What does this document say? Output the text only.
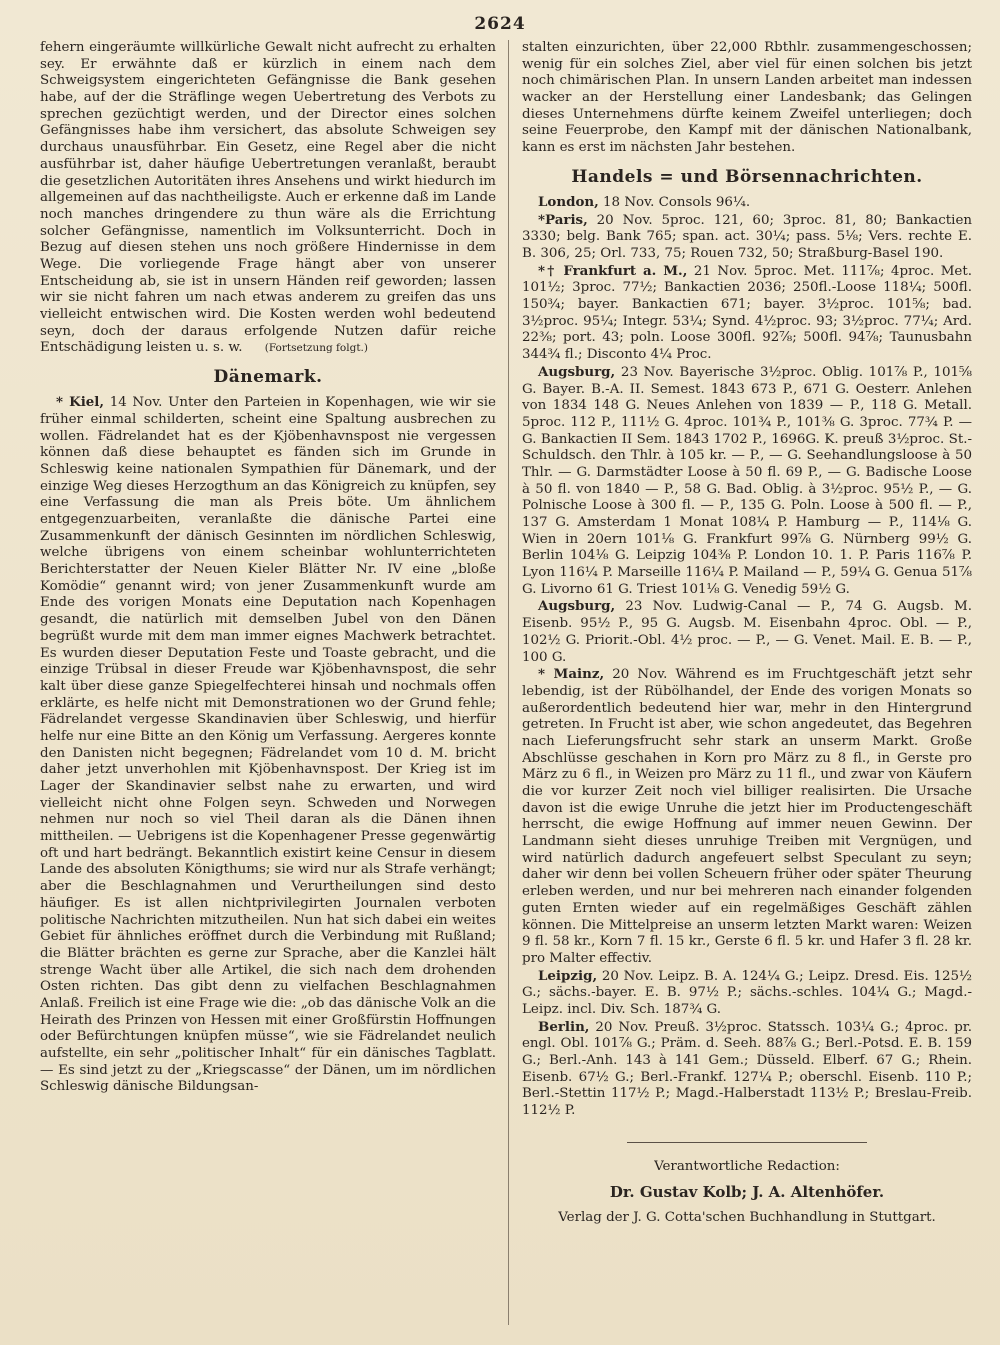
2624

fehern eingeräumte willkürliche Gewalt nicht aufrecht zu erhalten sey. Er erwähnte daß er kürzlich in einem nach dem Schweigsystem eingerichteten Gefängnisse die Bank gesehen habe, auf der die Sträflinge wegen Uebertretung des Verbots zu sprechen gezüchtigt werden, und der Director eines solchen Gefängnisses habe ihm versichert, das absolute Schweigen sey durchaus unausführbar. Ein Gesetz, eine Regel aber die nicht ausführbar ist, daher häufige Uebertretungen veranlaßt, beraubt die gesetzlichen Autoritäten ihres Ansehens und wirkt hiedurch im allgemeinen auf das nachtheiligste. Auch er erkenne daß im Lande noch manches dringendere zu thun wäre als die Errichtung solcher Gefängnisse, namentlich im Volksunterricht. Doch in Bezug auf diesen stehen uns noch größere Hindernisse in dem Wege. Die vorliegende Frage hängt aber von unserer Entscheidung ab, sie ist in unsern Händen reif geworden; lassen wir sie nicht fahren um nach etwas anderem zu greifen das uns vielleicht entwischen wird. Die Kosten werden wohl bedeutend seyn, doch der daraus erfolgende Nutzen dafür reiche Entschädigung leisten u. s. w. (Fortsetzung folgt.)

Dänemark.

* Kiel, 14 Nov. Unter den Parteien in Kopenhagen, wie wir sie früher einmal schilderten, scheint eine Spaltung ausbrechen zu wollen. Fädrelandet hat es der Kjöbenhavnspost nie vergessen können daß diese behauptet es fänden sich im Grunde in Schleswig keine nationalen Sympathien für Dänemark, und der einzige Weg dieses Herzogthum an das Königreich zu knüpfen, sey eine Verfassung die man als Preis böte. Um ähnlichem entgegenzuarbeiten, veranlaßte die dänische Partei eine Zusammenkunft der dänisch Gesinnten im nördlichen Schleswig, welche übrigens von einem scheinbar wohlunterrichteten Berichterstatter der Neuen Kieler Blätter Nr. IV eine „bloße Komödie“ genannt wird; von jener Zusammenkunft wurde am Ende des vorigen Monats eine Deputation nach Kopenhagen gesandt, die natürlich mit demselben Jubel von den Dänen begrüßt wurde mit dem man immer eignes Machwerk betrachtet. Es wurden dieser Deputation Feste und Toaste gebracht, und die einzige Trübsal in dieser Freude war Kjöbenhavnspost, die sehr kalt über diese ganze Spiegelfechterei hinsah und nochmals offen erklärte, es helfe nicht mit Demonstrationen wo der Grund fehle; Fädrelandet vergesse Skandinavien über Schleswig, und hierfür helfe nur eine Bitte an den König um Verfassung. Aergeres konnte den Danisten nicht begegnen; Fädrelandet vom 10 d. M. bricht daher jetzt unverhohlen mit Kjöbenhavnspost. Der Krieg ist im Lager der Skandinavier selbst nahe zu erwarten, und wird vielleicht nicht ohne Folgen seyn. Schweden und Norwegen nehmen nur noch so viel Theil daran als die Dänen ihnen mittheilen. — Uebrigens ist die Kopenhagener Presse gegenwärtig oft und hart bedrängt. Bekanntlich existirt keine Censur in diesem Lande des absoluten Königthums; sie wird nur als Strafe verhängt; aber die Beschlagnahmen und Verurtheilungen sind desto häufiger. Es ist allen nichtprivilegirten Journalen verboten politische Nachrichten mitzutheilen. Nun hat sich dabei ein weites Gebiet für ähnliches eröffnet durch die Verbindung mit Rußland; die Blätter brächten es gerne zur Sprache, aber die Kanzlei hält strenge Wacht über alle Artikel, die sich nach dem drohenden Osten richten. Das gibt denn zu vielfachen Beschlagnahmen Anlaß. Freilich ist eine Frage wie die: „ob das dänische Volk an die Heirath des Prinzen von Hessen mit einer Großfürstin Hoffnungen oder Befürchtungen knüpfen müsse“, wie sie Fädrelandet neulich aufstellte, ein sehr „politischer Inhalt“ für ein dänisches Tagblatt. — Es sind jetzt zu der „Kriegscasse“ der Dänen, um im nördlichen Schleswig dänische Bildungsan-

stalten einzurichten, über 22,000 Rbthlr. zusammengeschossen; wenig für ein solches Ziel, aber viel für einen solchen bis jetzt noch chimärischen Plan. In unsern Landen arbeitet man indessen wacker an der Herstellung einer Landesbank; das Gelingen dieses Unternehmens dürfte keinem Zweifel unterliegen; doch seine Feuerprobe, den Kampf mit der dänischen Nationalbank, kann es erst im nächsten Jahr bestehen.

Handels = und Börsennachrichten.

London, 18 Nov. Consols 96¼.

*Paris, 20 Nov. 5proc. 121, 60; 3proc. 81, 80; Bankactien 3330; belg. Bank 765; span. act. 30¼; pass. 5⅛; Vers. rechte E. B. 306, 25; Orl. 733, 75; Rouen 732, 50; Straßburg-Basel 190.

*† Frankfurt a. M., 21 Nov. 5proc. Met. 111⅞; 4proc. Met. 101½; 3proc. 77½; Bankactien 2036; 250fl.-Loose 118¼; 500fl. 150¾; bayer. Bankactien 671; bayer. 3½proc. 101⅝; bad. 3½proc. 95¼; Integr. 53¼; Synd. 4½proc. 93; 3½proc. 77¼; Ard. 22⅜; port. 43; poln. Loose 300fl. 92⅞; 500fl. 94⅞; Taunusbahn 344¾ fl.; Disconto 4¼ Proc.

Augsburg, 23 Nov. Bayerische 3½proc. Oblig. 101⅞ P., 101⅝ G. Bayer. B.-A. II. Semest. 1843 673 P., 671 G. Oesterr. Anlehen von 1834 148 G. Neues Anlehen von 1839 — P., 118 G. Metall. 5proc. 112 P., 111½ G. 4proc. 101¾ P., 101⅜ G. 3proc. 77¾ P. — G. Bankactien II Sem. 1843 1702 P., 1696G. K. preuß 3½proc. St.-Schuldsch. den Thlr. à 105 kr. — P., — G. Seehandlungsloose à 50 Thlr. — G. Darmstädter Loose à 50 fl. 69 P., — G. Badische Loose à 50 fl. von 1840 — P., 58 G. Bad. Oblig. à 3½proc. 95½ P., — G. Polnische Loose à 300 fl. — P., 135 G. Poln. Loose à 500 fl. — P., 137 G. Amsterdam 1 Monat 108¼ P. Hamburg — P., 114⅛ G. Wien in 20ern 101⅛ G. Frankfurt 99⅞ G. Nürnberg 99½ G. Berlin 104⅛ G. Leipzig 104⅜ P. London 10. 1. P. Paris 116⅞ P. Lyon 116¼ P. Marseille 116¼ P. Mailand — P., 59¼ G. Genua 51⅞ G. Livorno 61 G. Triest 101⅛ G. Venedig 59½ G.

Augsburg, 23 Nov. Ludwig-Canal — P., 74 G. Augsb. M. Eisenb. 95½ P., 95 G. Augsb. M. Eisenbahn 4proc. Obl. — P., 102½ G. Priorit.-Obl. 4½ proc. — P., — G. Venet. Mail. E. B. — P., 100 G.

* Mainz, 20 Nov. Während es im Fruchtgeschäft jetzt sehr lebendig, ist der Rübölhandel, der Ende des vorigen Monats so außerordentlich bedeutend hier war, mehr in den Hintergrund getreten. In Frucht ist aber, wie schon angedeutet, das Begehren nach Lieferungsfrucht sehr stark an unserm Markt. Große Abschlüsse geschahen in Korn pro März zu 8 fl., in Gerste pro März zu 6 fl., in Weizen pro März zu 11 fl., und zwar von Käufern die vor kurzer Zeit noch viel billiger realisirten. Die Ursache davon ist die ewige Unruhe die jetzt hier im Productengeschäft herrscht, die ewige Hoffnung auf immer neuen Gewinn. Der Landmann sieht dieses unruhige Treiben mit Vergnügen, und wird natürlich dadurch angefeuert selbst Speculant zu seyn; daher wir denn bei vollen Scheuern früher oder später Theurung erleben werden, und nur bei mehreren nach einander folgenden guten Ernten wieder auf ein regelmäßiges Geschäft zählen können. Die Mittelpreise an unserm letzten Markt waren: Weizen 9 fl. 58 kr., Korn 7 fl. 15 kr., Gerste 6 fl. 5 kr. und Hafer 3 fl. 28 kr. pro Malter effectiv.

Leipzig, 20 Nov. Leipz. B. A. 124¼ G.; Leipz. Dresd. Eis. 125½ G.; sächs.-bayer. E. B. 97½ P.; sächs.-schles. 104¼ G.; Magd.-Leipz. incl. Div. Sch. 187¾ G.

Berlin, 20 Nov. Preuß. 3½proc. Statssch. 103¼ G.; 4proc. pr. engl. Obl. 101⅞ G.; Präm. d. Seeh. 88⅞ G.; Berl.-Potsd. E. B. 159 G.; Berl.-Anh. 143 à 141 Gem.; Düsseld. Elberf. 67 G.; Rhein. Eisenb. 67½ G.; Berl.-Frankf. 127¼ P.; oberschl. Eisenb. 110 P.; Berl.-Stettin 117½ P.; Magd.-Halberstadt 113½ P.; Breslau-Freib. 112½ P.

Verantwortliche Redaction:
Dr. Gustav Kolb; J. A. Altenhöfer.
Verlag der J. G. Cotta'schen Buchhandlung in Stuttgart.
